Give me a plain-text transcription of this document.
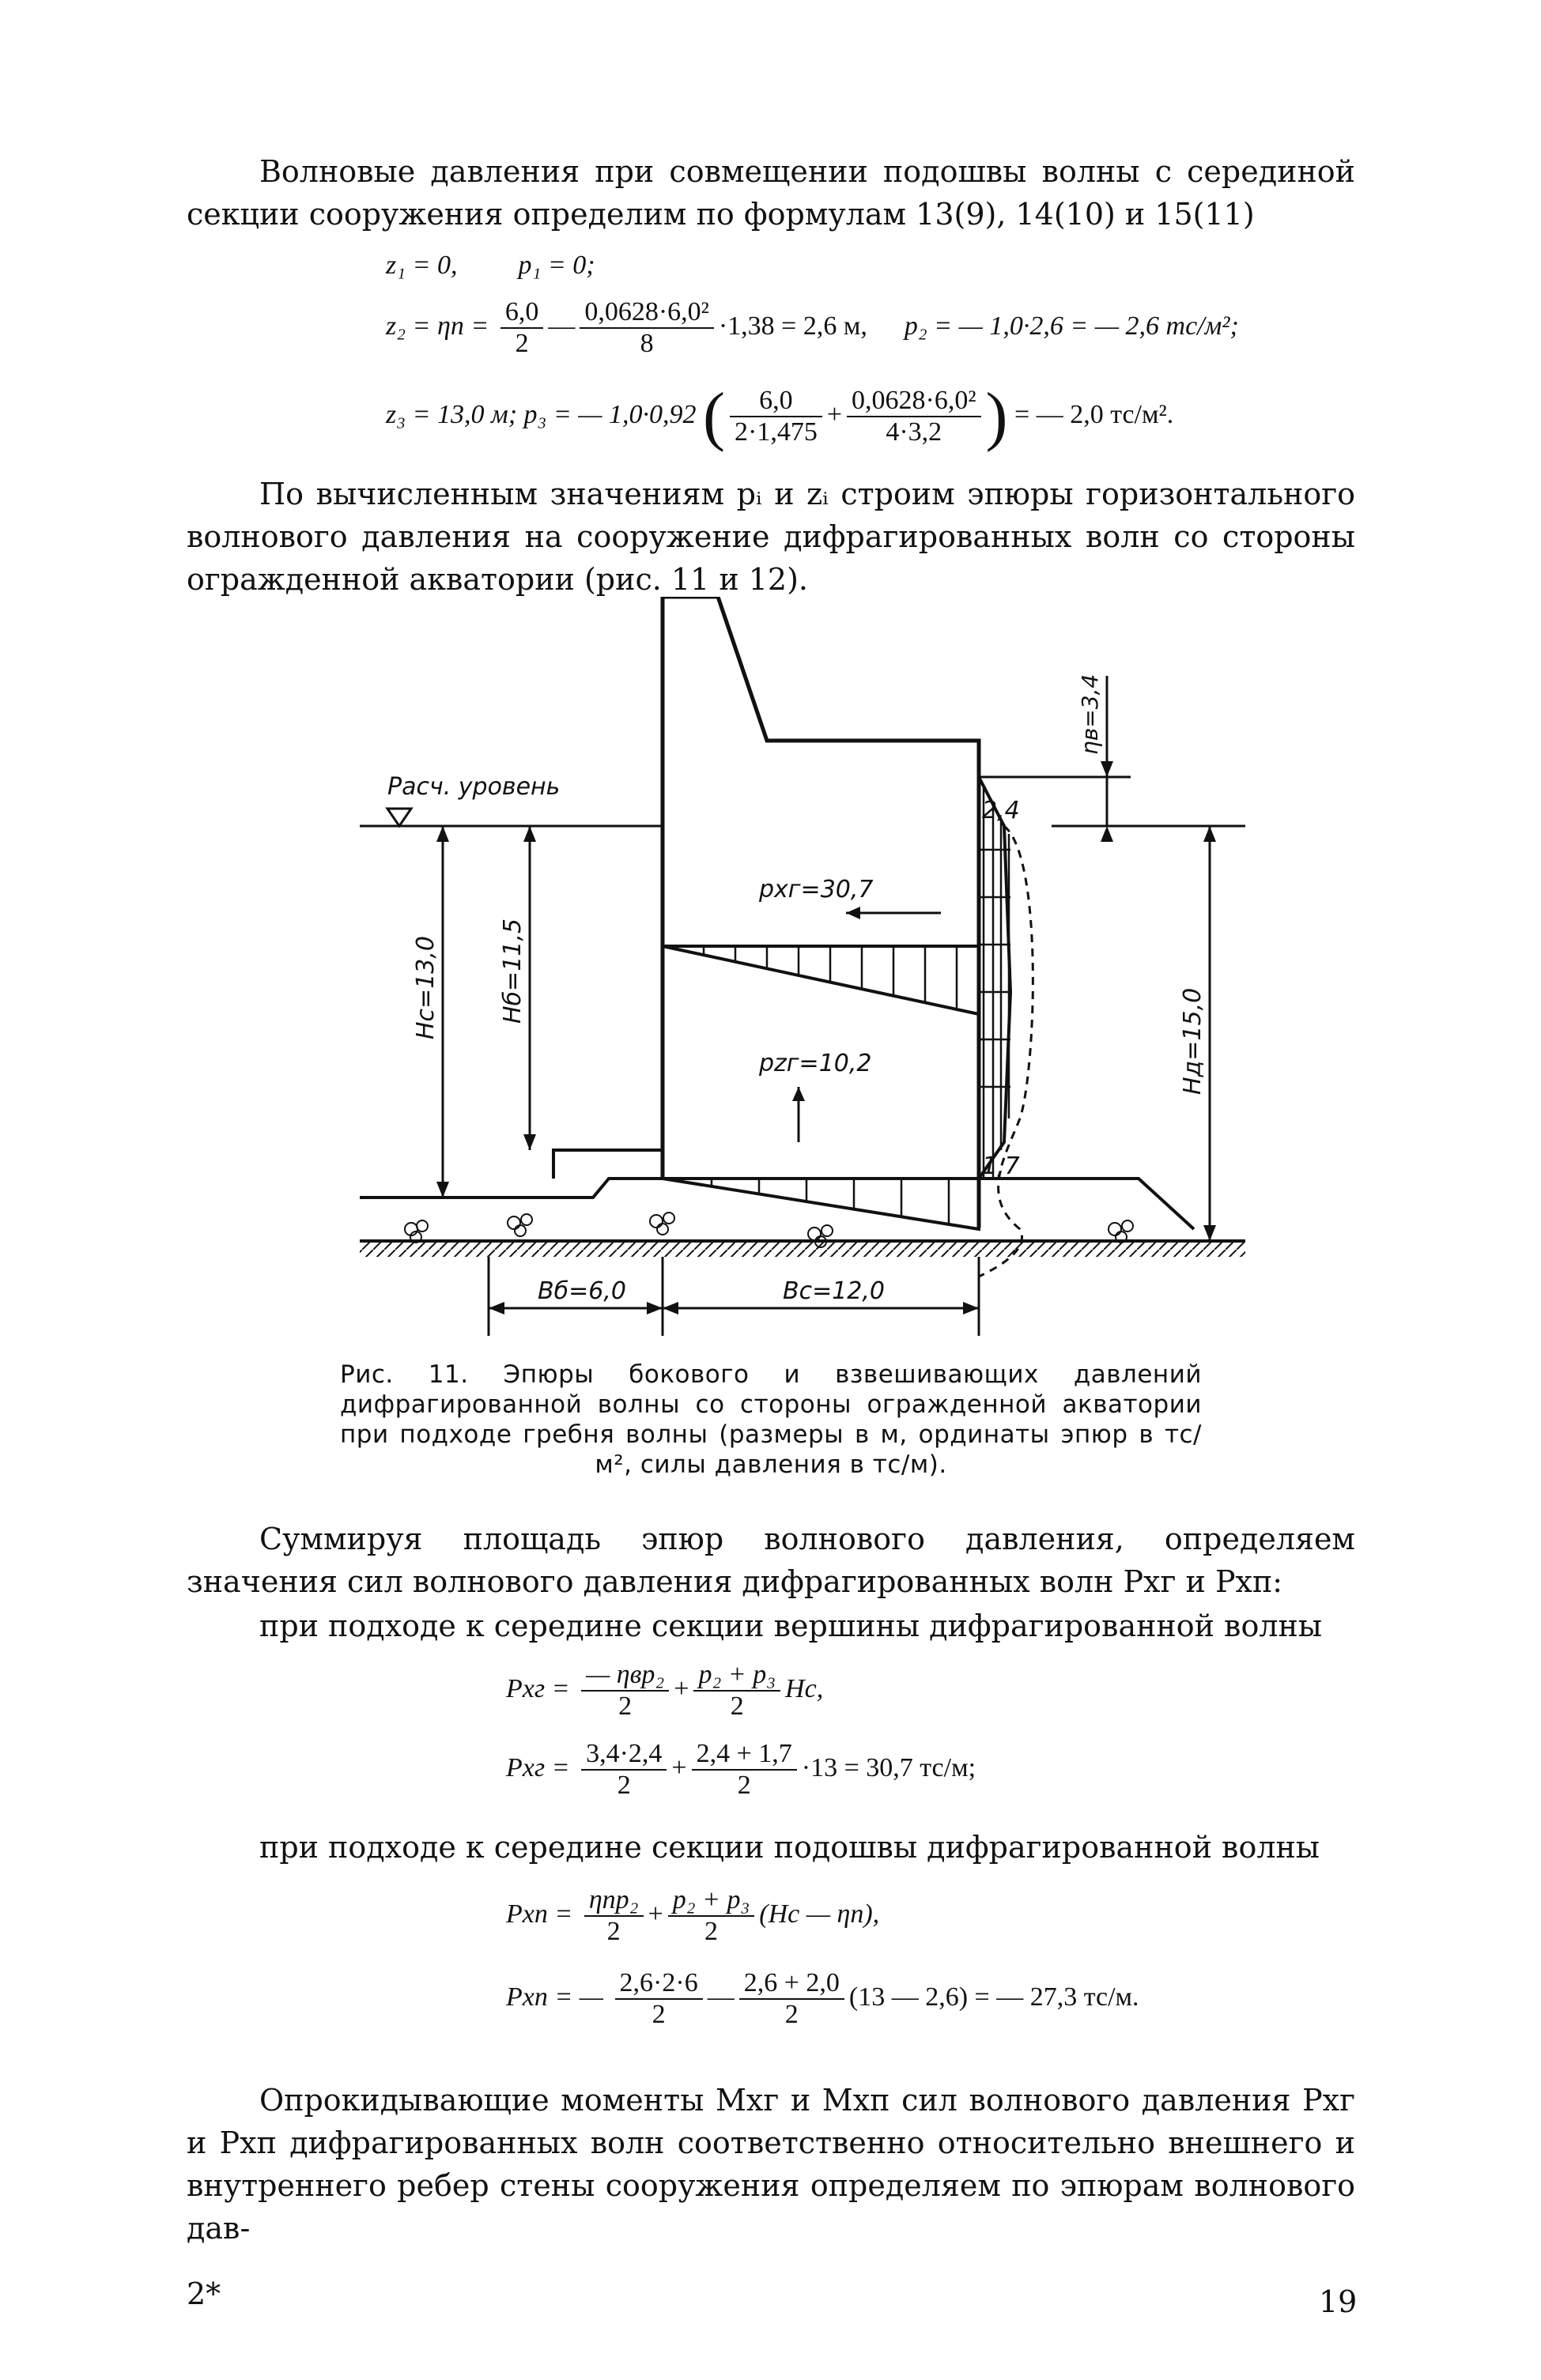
Волновые давления при совмещении подошвы волны с серединой секции сооружения определим по формулам 13(9), 14(10) и 15(11)
z₁ = 0, p₁ = 0;
$z_2 = \eta п = \frac{6,0}{2}$ — $\frac{\text{0,0628·6,0²}}{8} \cdot 1,38 = 2,6$ м, p₂ = — 1,0·2,6 = — 2,6 тс/м²;
z₃ = 13,0 м; p₃ = — 1,0·0,92 ( $\frac{6,0}{2\cdot 1,475} + \frac{\text{0,0628·6,0²}}{4\cdot 3,2}$ ) = — 2,0 тс/м².
По вычисленным значениям pᵢ и zᵢ строим эпюры горизонтального волнового давления на сооружение дифрагированных волн со стороны огражденной акватории (рис. 11 и 12).
Расч. уровень
ηв=3,4
2,4
1,7
pxг=30,7
pzг=10,2
Hс=13,0	Hб=11,5
Hд=15,0
Вб=6,0	Вс=12,0
Рис. 11. Эпюры бокового и взвешивающих давлений дифрагированной волны со стороны огражденной акватории при подходе гребня волны (размеры в м, ординаты эпюр в тс/м², силы давления в тс/м).
Суммируя площадь эпюр волнового давления, определяем значения сил волнового давления дифрагированных волн Pxг и Pxп:
при подходе к середине секции вершины дифрагированной волны
Pxг = $\frac{\text{— ηвp₂}}{2} + \frac{\text{p₂ + p₃}}{2}$ Hс,
Pxг = $\frac{3,4\cdot 2,4}{2} + \frac{2,4 + 1,7}{2} \cdot 13 = 30,7$ тс/м;
при подходе к середине секции подошвы дифрагированной волны
Pxп = $\frac{\text{ηпp₂}}{2} + \frac{\text{p₂ + p₃}}{2} (Hс$ — ηп),
Pxп = — $\frac{2,6\cdot 2\cdot 6}{2}$ — $\frac{2,6 + 2,0}{2} (13$ — 2,6) = — 27,3 тс/м.
Опрокидывающие моменты Mxг и Mxп сил волнового давления Pxг и Pxп дифрагированных волн соответственно относительно внешнего и внутреннего ребер стены сооружения определяем по эпюрам волнового дав-
2*	19
